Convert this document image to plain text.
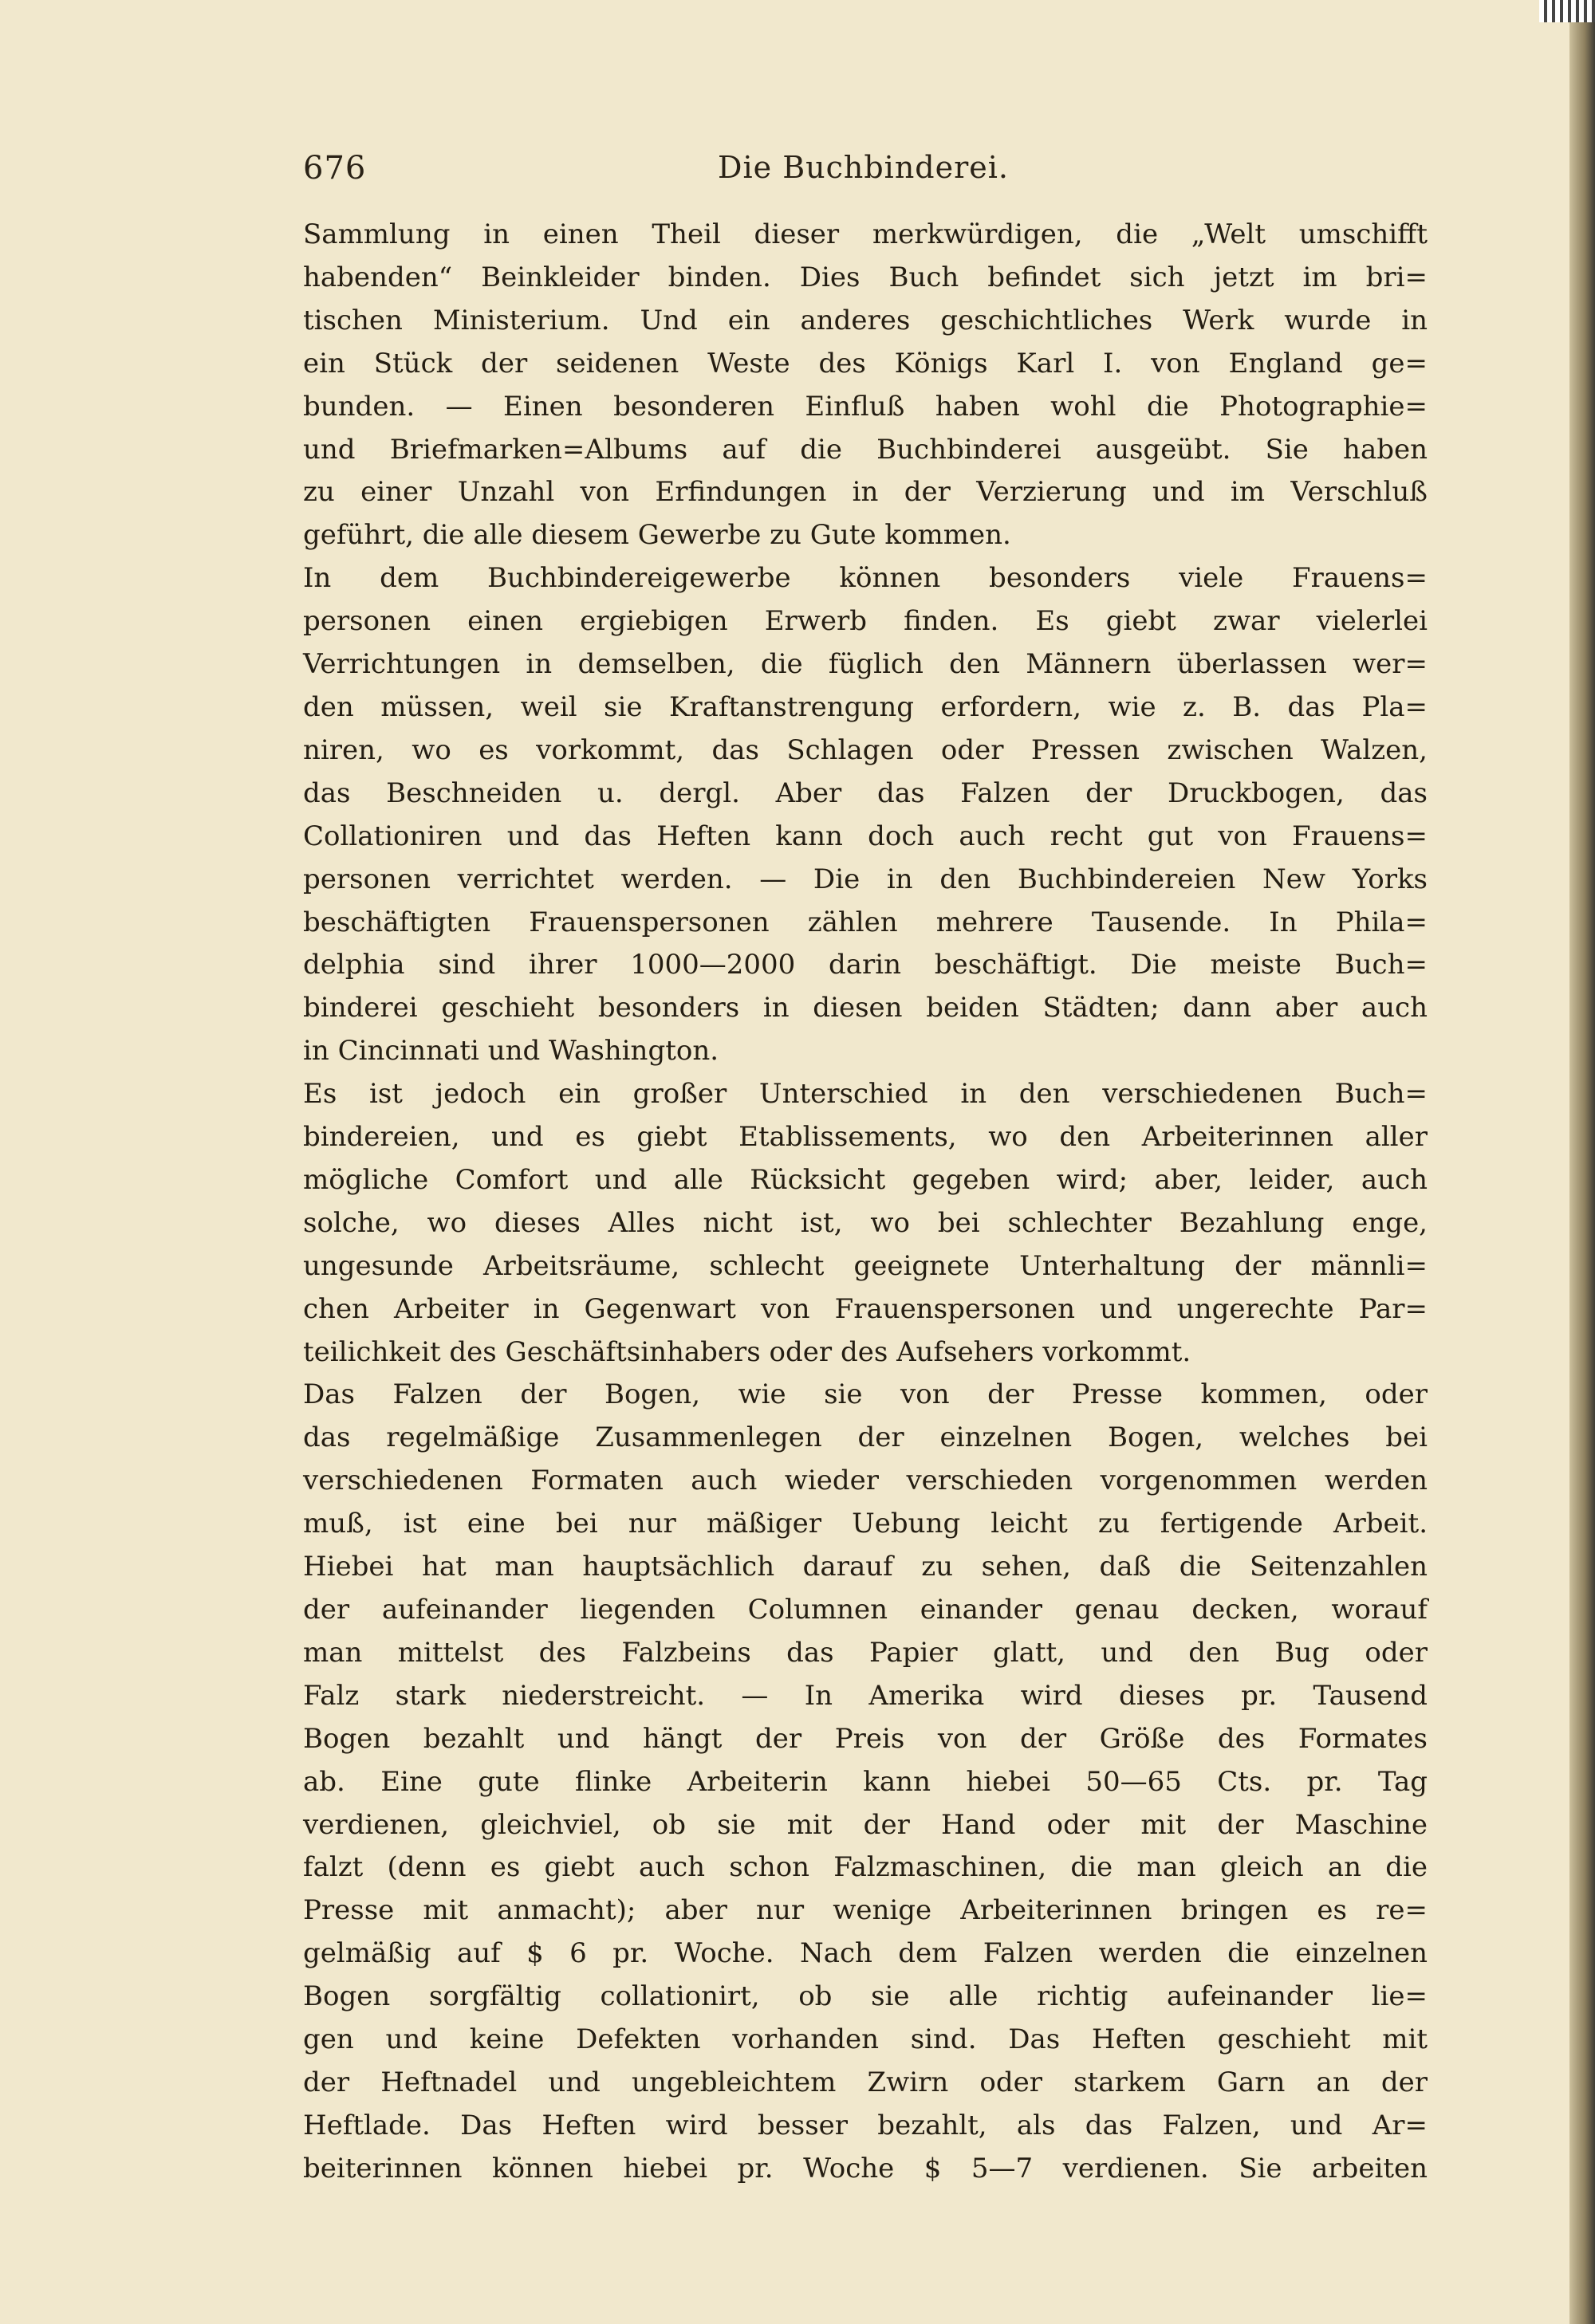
676	Die Buchbinderei.
Sammlung in einen Theil dieser merkwürdigen, die „Welt umschifft
habenden“ Beinkleider binden. Dies Buch befindet sich jetzt im bri=
tischen Ministerium. Und ein anderes geschichtliches Werk wurde in
ein Stück der seidenen Weste des Königs Karl I. von England ge=
bunden. — Einen besonderen Einfluß haben wohl die Photographie=
und Briefmarken=Albums auf die Buchbinderei ausgeübt. Sie haben
zu einer Unzahl von Erfindungen in der Verzierung und im Verschluß
geführt, die alle diesem Gewerbe zu Gute kommen.
In dem Buchbindereigewerbe können besonders viele Frauens=
personen einen ergiebigen Erwerb finden. Es giebt zwar vielerlei
Verrichtungen in demselben, die füglich den Männern überlassen wer=
den müssen, weil sie Kraftanstrengung erfordern, wie z. B. das Pla=
niren, wo es vorkommt, das Schlagen oder Pressen zwischen Walzen,
das Beschneiden u. dergl. Aber das Falzen der Druckbogen, das
Collationiren und das Heften kann doch auch recht gut von Frauens=
personen verrichtet werden. — Die in den Buchbindereien New Yorks
beschäftigten Frauenspersonen zählen mehrere Tausende. In Phila=
delphia sind ihrer 1000—2000 darin beschäftigt. Die meiste Buch=
binderei geschieht besonders in diesen beiden Städten; dann aber auch
in Cincinnati und Washington.
Es ist jedoch ein großer Unterschied in den verschiedenen Buch=
bindereien, und es giebt Etablissements, wo den Arbeiterinnen aller
mögliche Comfort und alle Rücksicht gegeben wird; aber, leider, auch
solche, wo dieses Alles nicht ist, wo bei schlechter Bezahlung enge,
ungesunde Arbeitsräume, schlecht geeignete Unterhaltung der männli=
chen Arbeiter in Gegenwart von Frauenspersonen und ungerechte Par=
teilichkeit des Geschäftsinhabers oder des Aufsehers vorkommt.
Das Falzen der Bogen, wie sie von der Presse kommen, oder
das regelmäßige Zusammenlegen der einzelnen Bogen, welches bei
verschiedenen Formaten auch wieder verschieden vorgenommen werden
muß, ist eine bei nur mäßiger Uebung leicht zu fertigende Arbeit.
Hiebei hat man hauptsächlich darauf zu sehen, daß die Seitenzahlen
der aufeinander liegenden Columnen einander genau decken, worauf
man mittelst des Falzbeins das Papier glatt, und den Bug oder
Falz stark niederstreicht. — In Amerika wird dieses pr. Tausend
Bogen bezahlt und hängt der Preis von der Größe des Formates
ab. Eine gute flinke Arbeiterin kann hiebei 50—65 Cts. pr. Tag
verdienen, gleichviel, ob sie mit der Hand oder mit der Maschine
falzt (denn es giebt auch schon Falzmaschinen, die man gleich an die
Presse mit anmacht); aber nur wenige Arbeiterinnen bringen es re=
gelmäßig auf $ 6 pr. Woche. Nach dem Falzen werden die einzelnen
Bogen sorgfältig collationirt, ob sie alle richtig aufeinander lie=
gen und keine Defekten vorhanden sind. Das Heften geschieht mit
der Heftnadel und ungebleichtem Zwirn oder starkem Garn an der
Heftlade. Das Heften wird besser bezahlt, als das Falzen, und Ar=
beiterinnen können hiebei pr. Woche $ 5—7 verdienen. Sie arbeiten
